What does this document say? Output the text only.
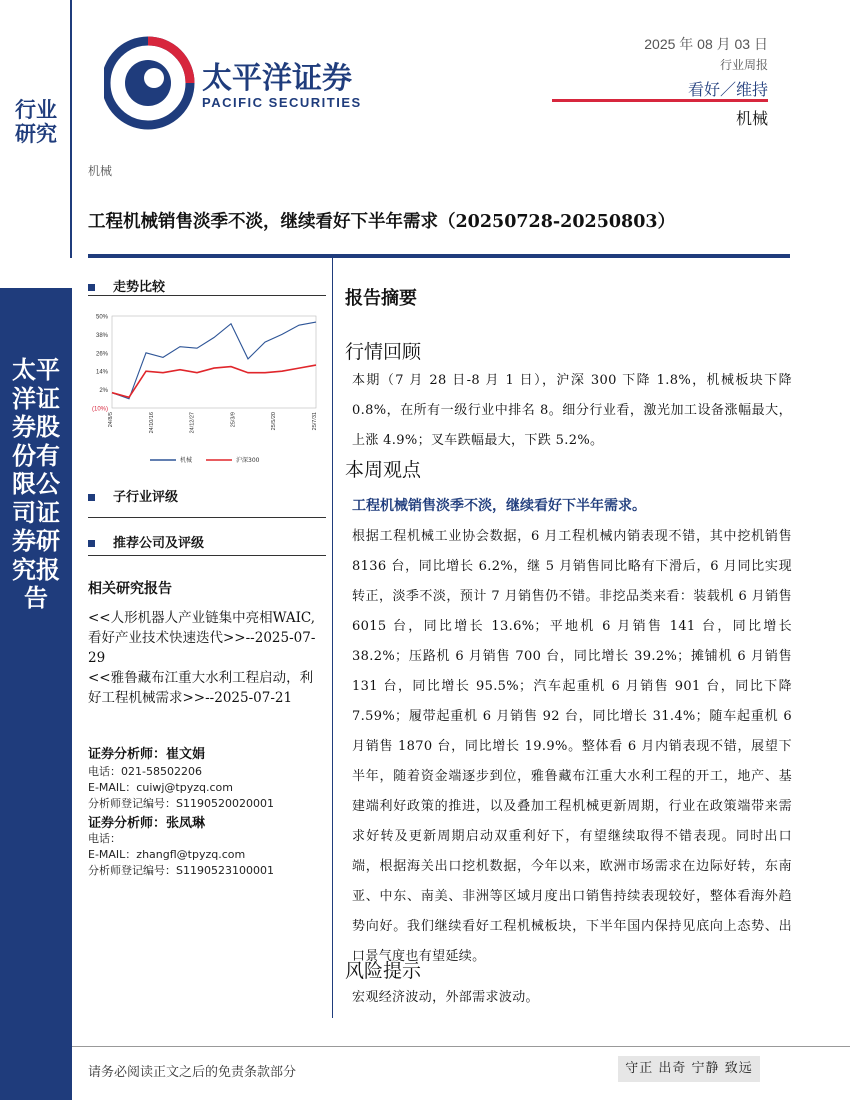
行业研究
太平洋证券股份有限公司证券研究报告
太平洋证券
PACIFIC SECURITIES
2025 年 08 月 03 日
行业周报
看好／维持
机械
机械
工程机械销售淡季不淡，继续看好下半年需求（20250728-20250803）
走势比较
50%
38%
26%
14%
2%
(10%)
24/8/5	24/10/16	24/12/27	25/3/9	25/5/20	25/7/31
机械	沪深300
子行业评级
推荐公司及评级
相关研究报告
<<人形机器人产业链集中亮相WAIC,看好产业技术快速迭代>>--2025-07-29
<<雅鲁藏布江重大水利工程启动，利好工程机械需求>>--2025-07-21
证券分析师：崔文娟
电话：021-58502206
E-MAIL：cuiwj@tpyzq.com
分析师登记编号：S1190520020001
证券分析师：张凤琳
电话：
E-MAIL：zhangfl@tpyzq.com
分析师登记编号：S1190523100001
报告摘要
行情回顾
本期（7 月 28 日-8 月 1 日），沪深 300 下降 1.8%，机械板块下降 0.8%，在所有一级行业中排名 8。细分行业看，激光加工设备涨幅最大，上涨 4.9%；叉车跌幅最大，下跌 5.2%。
本周观点
工程机械销售淡季不淡，继续看好下半年需求。
根据工程机械工业协会数据，6 月工程机械内销表现不错，其中挖机销售 8136 台，同比增长 6.2%，继 5 月销售同比略有下滑后，6 月同比实现转正，淡季不淡，预计 7 月销售仍不错。非挖品类来看：装载机 6 月销售 6015 台，同比增长 13.6%；平地机 6 月销售 141 台，同比增长 38.2%；压路机 6 月销售 700 台，同比增长 39.2%；摊铺机 6 月销售 131 台，同比增长 95.5%；汽车起重机 6 月销售 901 台，同比下降 7.59%；履带起重机 6 月销售 92 台，同比增长 31.4%；随车起重机 6 月销售 1870 台，同比增长 19.9%。整体看 6 月内销表现不错，展望下半年，随着资金端逐步到位，雅鲁藏布江重大水利工程的开工，地产、基建端利好政策的推进，以及叠加工程机械更新周期，行业在政策端带来需求好转及更新周期启动双重利好下，有望继续取得不错表现。同时出口端，根据海关出口挖机数据，今年以来，欧洲市场需求在边际好转，东南亚、中东、南美、非洲等区域月度出口销售持续表现较好，整体看海外趋势向好。我们继续看好工程机械板块，下半年国内保持见底向上态势、出口景气度也有望延续。
风险提示
宏观经济波动，外部需求波动。
请务必阅读正文之后的免责条款部分	守正 出奇 宁静 致远
